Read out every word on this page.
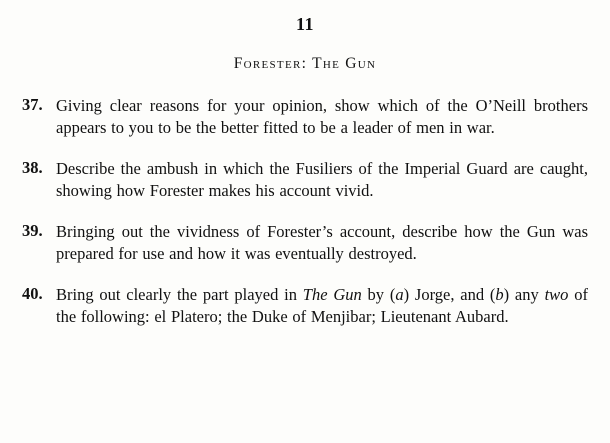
11
Forester: The Gun
37. Giving clear reasons for your opinion, show which of the O’Neill brothers appears to you to be the better fitted to be a leader of men in war.
38. Describe the ambush in which the Fusiliers of the Imperial Guard are caught, showing how Forester makes his account vivid.
39. Bringing out the vividness of Forester’s account, describe how the Gun was prepared for use and how it was eventually destroyed.
40. Bring out clearly the part played in The Gun by (a) Jorge, and (b) any two of the following: el Platero; the Duke of Menjibar; Lieutenant Aubard.
